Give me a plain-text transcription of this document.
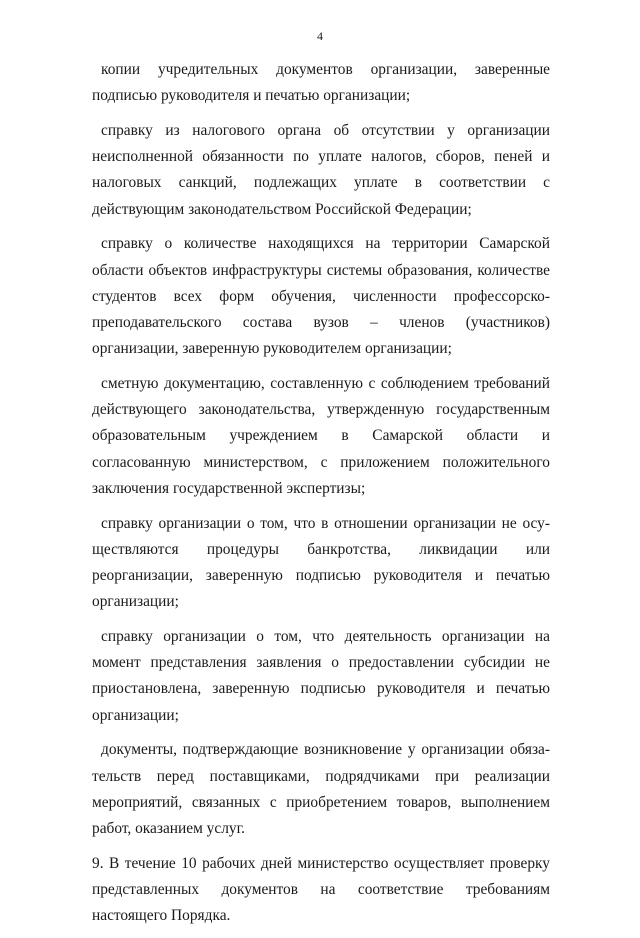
4

копии учредительных документов организации, заверенные подписью руководителя и печатью организации;

справку из налогового органа об отсутствии у организации неисполненной обязанности по уплате налогов, сборов, пеней и налоговых санкций, подлежащих уплате в соответствии с действующим законодательством Российской Федерации;

справку о количестве находящихся на территории Самарской области объектов инфраструктуры системы образования, количестве студентов всех форм обучения, численности профессорско-преподавательского состава вузов – членов (участников) организации, заверенную руководителем организации;

сметную документацию, составленную с соблюдением требований действующего законодательства, утвержденную государственным образовательным учреждением в Самарской области и согласованную министерством, с приложением положительного заключения государственной экспертизы;

справку организации о том, что в отношении организации не осуществляются процедуры банкротства, ликвидации или реорганизации, заверенную подписью руководителя и печатью организации;

справку организации о том, что деятельность организации на момент представления заявления о предоставлении субсидии не приостановлена, заверенную подписью руководителя и печатью организации;

документы, подтверждающие возникновение у организации обязательств перед поставщиками, подрядчиками при реализации мероприятий, связанных с приобретением товаров, выполнением работ, оказанием услуг.

9. В течение 10 рабочих дней министерство осуществляет проверку представленных документов на соответствие требованиям настоящего Порядка.
